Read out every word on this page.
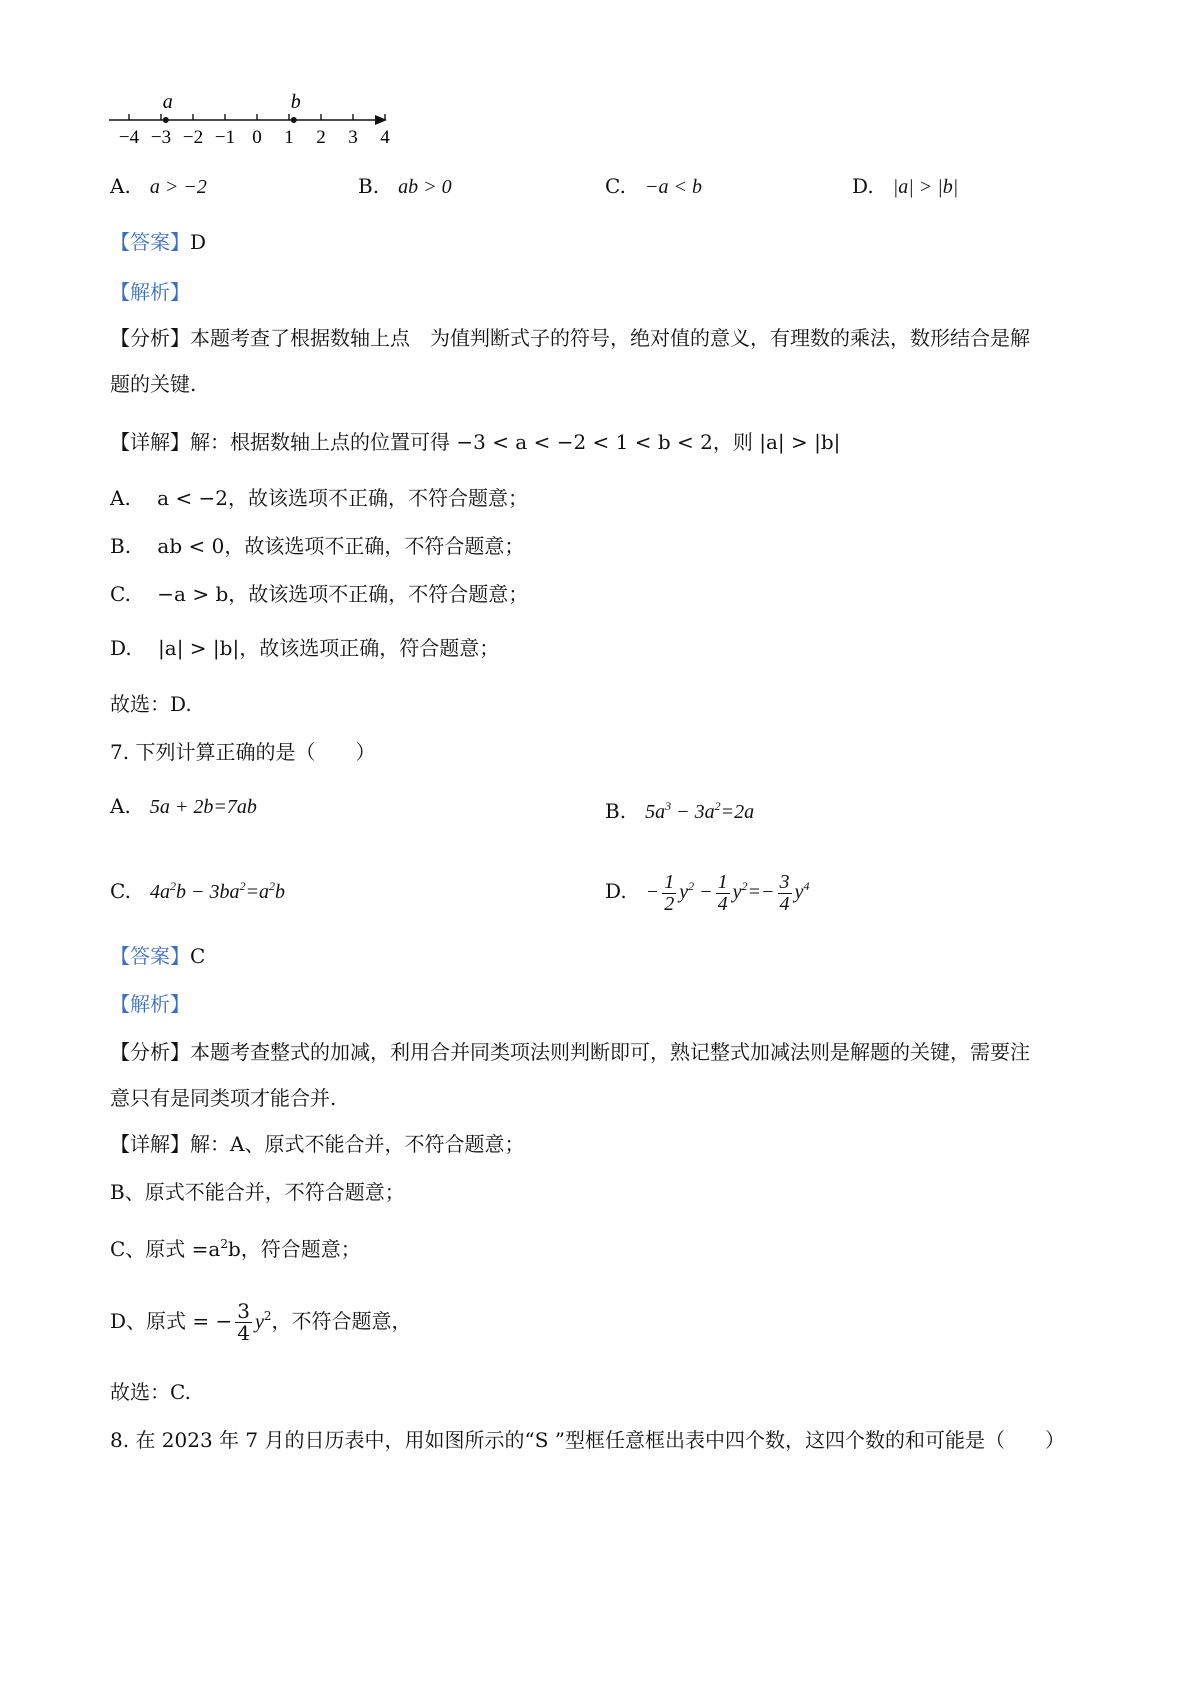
−4 −3 −2 −1 0 1 2 3 4
a	b
A. a > −2	B. ab > 0	C. −a < b	D. |a| > |b|
【答案】D
【解析】
【分析】本题考查了根据数轴上点　为值判断式子的符号，绝对值的意义，有理数的乘法，数形结合是解
题的关键.
【详解】解：根据数轴上点的位置可得 −3 < a < −2 < 1 < b < 2，则 |a| > |b|
A.　 a < −2，故该选项不正确，不符合题意；
B.　 ab < 0，故该选项不正确，不符合题意；
C.　 −a > b，故该选项不正确，不符合题意；
D.　 |a| > |b|，故该选项正确，符合题意；
故选：D.
7. 下列计算正确的是（　　）
A. 5a + 2b=7ab	B. $5a^3 - 3a^2=2a$
C. $4a^2b - 3ba^2=a^2b$	D. − $\frac{1}{2} y^2 - \frac{1}{4} y^2=- \frac{3}{4} y^4$
【答案】C
【解析】
【分析】本题考查整式的加减，利用合并同类项法则判断即可，熟记整式加减法则是解题的关键，需要注
意只有是同类项才能合并.
【详解】解：A、原式不能合并，不符合题意；
B、原式不能合并，不符合题意；
C、原式 $=a^2b$，符合题意；
D、原式 = − $\frac{3}{4} y^2$，不符合题意，
故选：C.
8. 在 2023 年 7 月的日历表中，用如图所示的“S ”型框任意框出表中四个数，这四个数的和可能是（　　）
